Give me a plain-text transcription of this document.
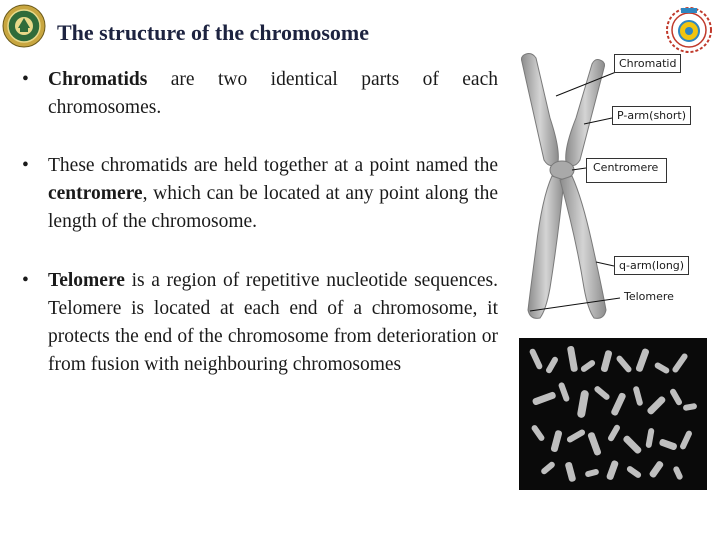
The structure of the chromosome
• Chromatids are two identical parts of each chromosomes.
• These chromatids are held together at a point named the centromere, which can be located at any point along the length of the chromosome.
• Telomere is a region of repetitive nucleotide sequences. Telomere is located at each end of a chromosome, it protects the end of the chromosome from deterioration or from fusion with neighbouring chromosomes
Chromatid
P-arm(short)
Centromere
q-arm(long)
Telomere
